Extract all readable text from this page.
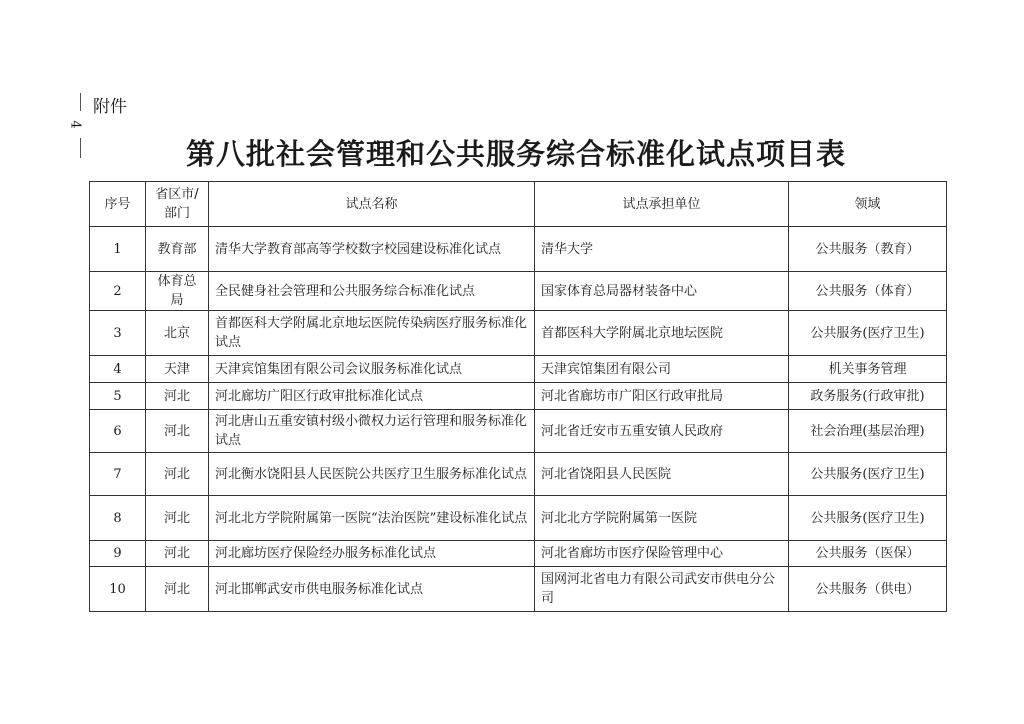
附件
4
第八批社会管理和公共服务综合标准化试点项目表
序号	省区市/部门	试点名称	试点承担单位	领域
1	教育部	清华大学教育部高等学校数字校园建设标准化试点	清华大学	公共服务（教育）
2	体育总局	全民健身社会管理和公共服务综合标准化试点	国家体育总局器材装备中心	公共服务（体育）
3	北京	首都医科大学附属北京地坛医院传染病医疗服务标准化试点	首都医科大学附属北京地坛医院	公共服务(医疗卫生)
4	天津	天津宾馆集团有限公司会议服务标准化试点	天津宾馆集团有限公司	机关事务管理
5	河北	河北廊坊广阳区行政审批标准化试点	河北省廊坊市广阳区行政审批局	政务服务(行政审批)
6	河北	河北唐山五重安镇村级小微权力运行管理和服务标准化试点	河北省迁安市五重安镇人民政府	社会治理(基层治理)
7	河北	河北衡水饶阳县人民医院公共医疗卫生服务标准化试点	河北省饶阳县人民医院	公共服务(医疗卫生)
8	河北	河北北方学院附属第一医院“法治医院”建设标准化试点	河北北方学院附属第一医院	公共服务(医疗卫生)
9	河北	河北廊坊医疗保险经办服务标准化试点	河北省廊坊市医疗保险管理中心	公共服务（医保）
10	河北	河北邯郸武安市供电服务标准化试点	国网河北省电力有限公司武安市供电分公司	公共服务（供电）
